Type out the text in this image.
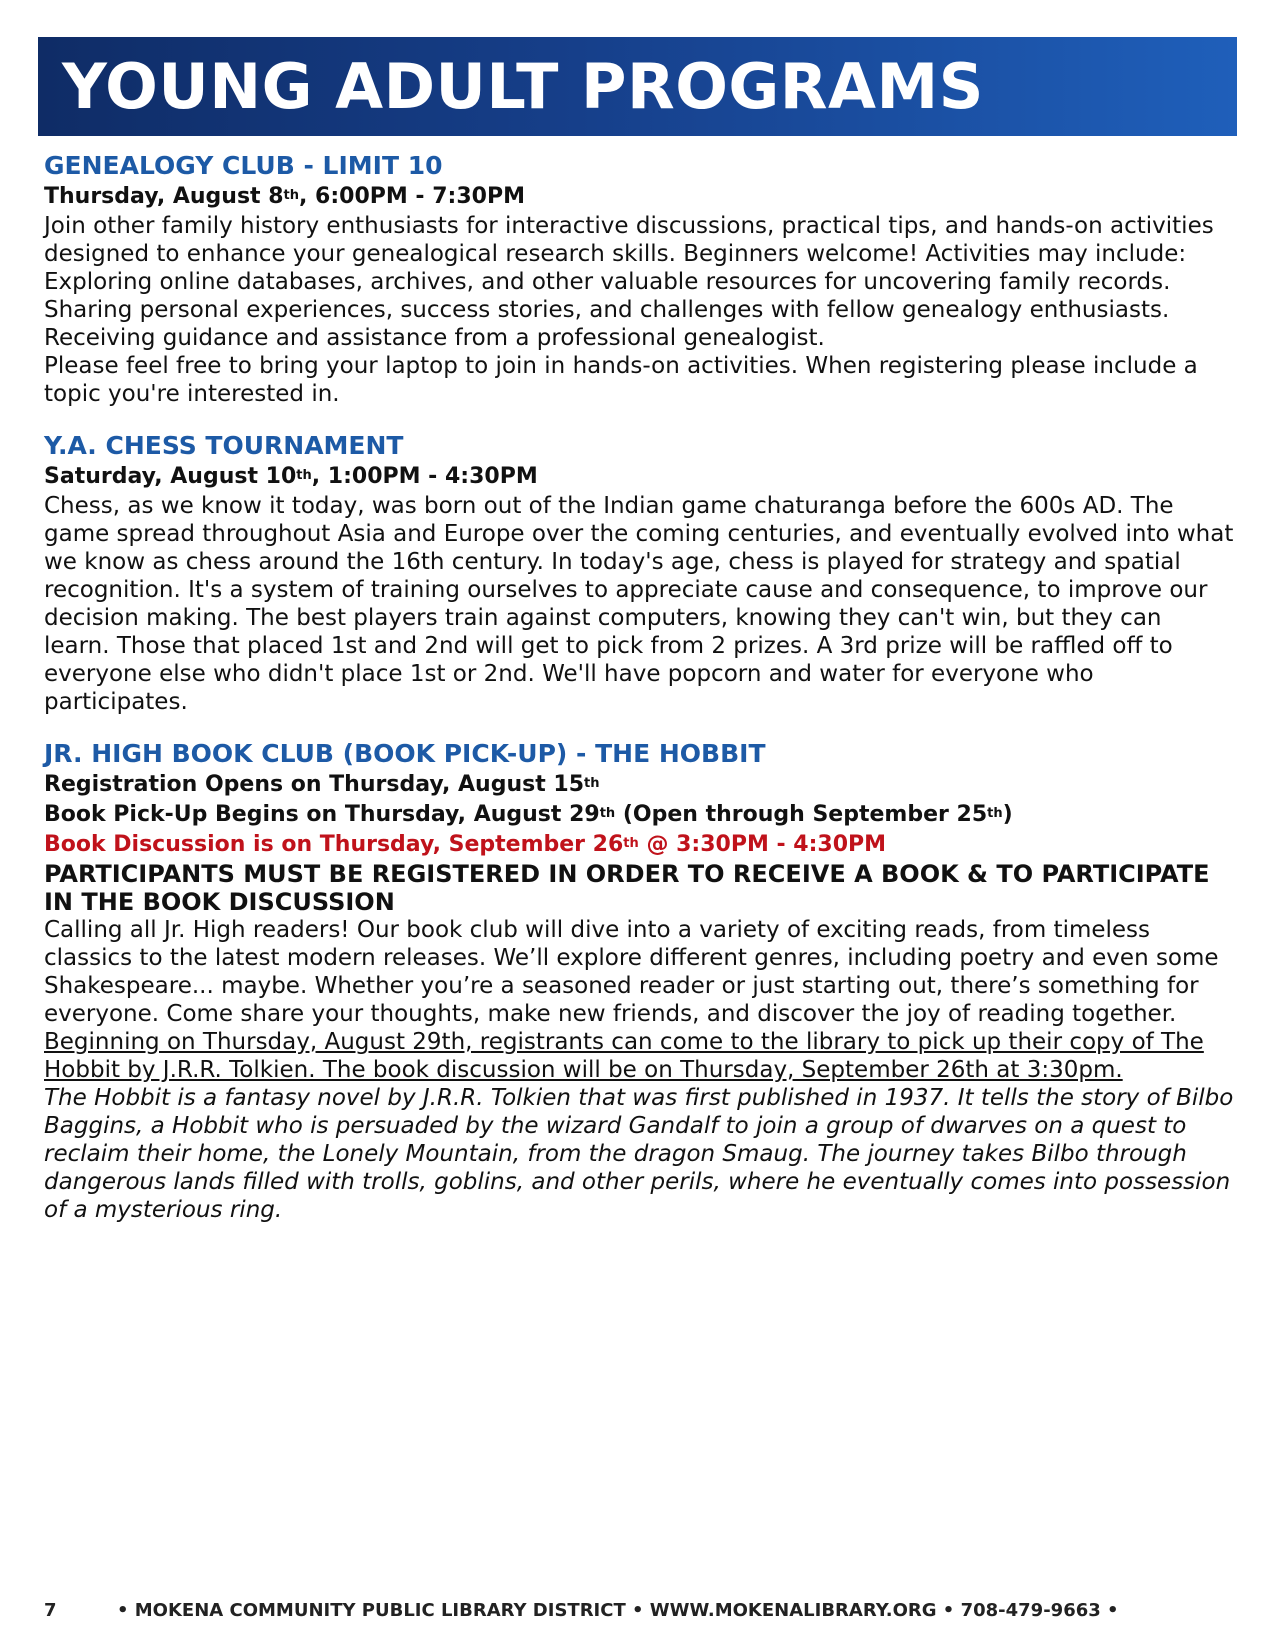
YOUNG ADULT PROGRAMS
GENEALOGY CLUB - LIMIT 10
Thursday, August 8th, 6:00PM - 7:30PM

Join other family history enthusiasts for interactive discussions, practical tips, and hands-on activities designed to enhance your genealogical research skills. Beginners welcome! Activities may include: Exploring online databases, archives, and other valuable resources for uncovering family records. Sharing personal experiences, success stories, and challenges with fellow genealogy enthusiasts. Receiving guidance and assistance from a professional genealogist.

Please feel free to bring your laptop to join in hands-on activities. When registering please include a topic you're interested in.

Y.A. CHESS TOURNAMENT
Saturday, August 10th, 1:00PM - 4:30PM

Chess, as we know it today, was born out of the Indian game chaturanga before the 600s AD. The game spread throughout Asia and Europe over the coming centuries, and eventually evolved into what we know as chess around the 16th century. In today's age, chess is played for strategy and spatial recognition. It's a system of training ourselves to appreciate cause and consequence, to improve our decision making. The best players train against computers, knowing they can't win, but they can learn. Those that placed 1st and 2nd will get to pick from 2 prizes. A 3rd prize will be raffled off to everyone else who didn't place 1st or 2nd. We'll have popcorn and water for everyone who participates.

JR. HIGH BOOK CLUB (BOOK PICK-UP) - THE HOBBIT
Registration Opens on Thursday, August 15th
Book Pick-Up Begins on Thursday, August 29th (Open through September 25th)
Book Discussion is on Thursday, September 26th @ 3:30PM - 4:30PM

PARTICIPANTS MUST BE REGISTERED IN ORDER TO RECEIVE A BOOK & TO PARTICIPATE IN THE BOOK DISCUSSION

Calling all Jr. High readers! Our book club will dive into a variety of exciting reads, from timeless classics to the latest modern releases. We’ll explore different genres, including poetry and even some Shakespeare... maybe. Whether you’re a seasoned reader or just starting out, there’s something for everyone. Come share your thoughts, make new friends, and discover the joy of reading together.

Beginning on Thursday, August 29th, registrants can come to the library to pick up their copy of The Hobbit by J.R.R. Tolkien. The book discussion will be on Thursday, September 26th at 3:30pm.

The Hobbit is a fantasy novel by J.R.R. Tolkien that was first published in 1937. It tells the story of Bilbo Baggins, a Hobbit who is persuaded by the wizard Gandalf to join a group of dwarves on a quest to reclaim their home, the Lonely Mountain, from the dragon Smaug. The journey takes Bilbo through dangerous lands filled with trolls, goblins, and other perils, where he eventually comes into possession of a mysterious ring.

7	• MOKENA COMMUNITY PUBLIC LIBRARY DISTRICT • WWW.MOKENALIBRARY.ORG • 708-479-9663 •
